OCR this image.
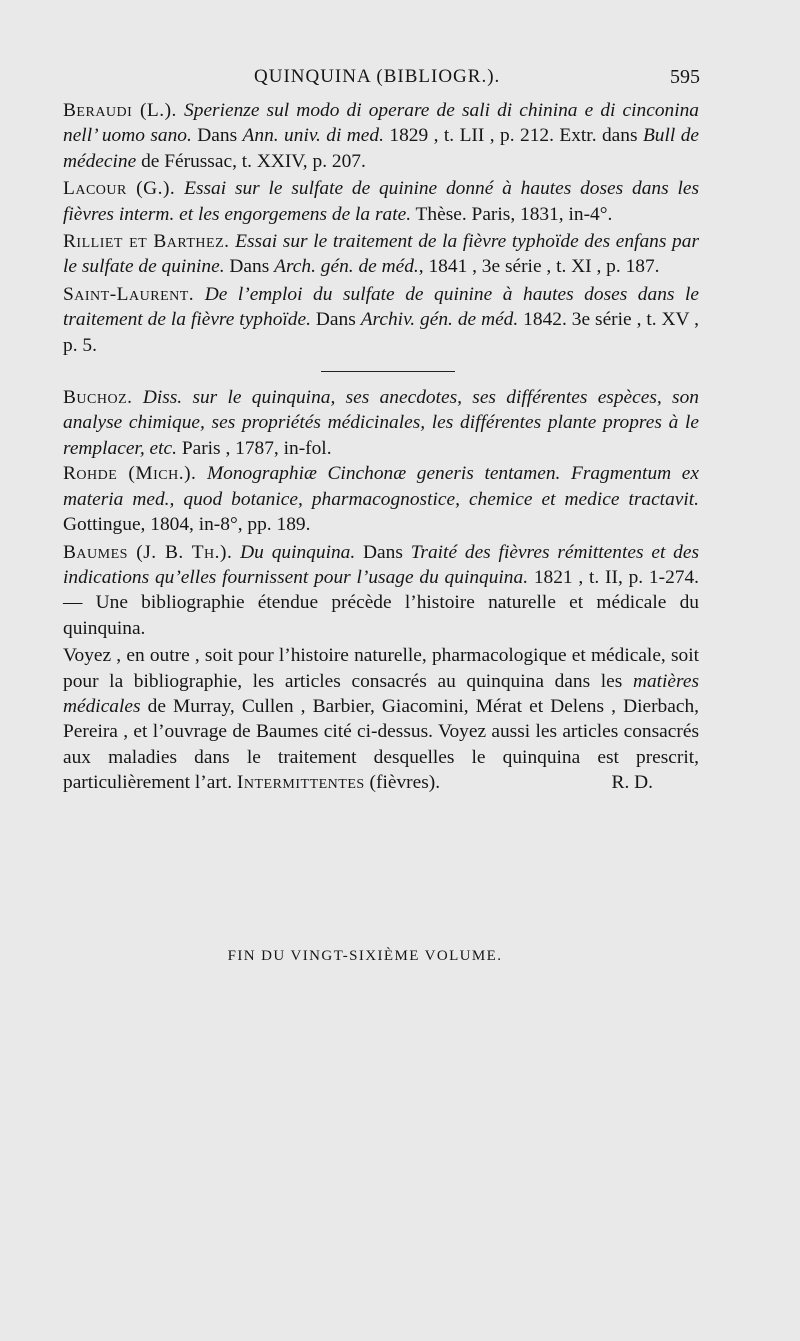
QUINQUINA (BIBLIOGR.).	595

Beraudi (L.). Sperienze sul modo di operare de sali di chinina e di cinconina nell’ uomo sano. Dans Ann. univ. di med. 1829 , t. LII , p. 212. Extr. dans Bull de médecine de Férussac, t. XXIV, p. 207.

Lacour (G.). Essai sur le sulfate de quinine donné à hautes doses dans les fièvres interm. et les engorgemens de la rate. Thèse. Paris, 1831, in-4°.

Rilliet et Barthez. Essai sur le traitement de la fièvre typhoïde des enfans par le sulfate de quinine. Dans Arch. gén. de méd., 1841 , 3e série , t. XI , p. 187.

Saint-Laurent. De l’emploi du sulfate de quinine à hautes doses dans le traitement de la fièvre typhoïde. Dans Archiv. gén. de méd. 1842. 3e série , t. XV , p. 5.

Buchoz. Diss. sur le quinquina, ses anecdotes, ses différentes espèces, son analyse chimique, ses propriétés médicinales, les différentes plante propres à le remplacer, etc. Paris , 1787, in-fol.

Rohde (Mich.). Monographiæ Cinchonæ generis tentamen. Fragmentum ex materia med., quod botanice, pharmacognostice, chemice et medice tractavit. Gottingue, 1804, in-8°, pp. 189.

Baumes (J. B. Th.). Du quinquina. Dans Traité des fièvres rémittentes et des indications qu’elles fournissent pour l’usage du quinquina. 1821 , t. II, p. 1-274. — Une bibliographie étendue précède l’histoire naturelle et médicale du quinquina.

Voyez , en outre , soit pour l’histoire naturelle, pharmacologique et médicale, soit pour la bibliographie, les articles consacrés au quinquina dans les matières médicales de Murray, Cullen , Barbier, Giacomini, Mérat et Delens , Dierbach, Pereira , et l’ouvrage de Baumes cité ci-dessus. Voyez aussi les articles consacrés aux maladies dans le traitement desquelles le quinquina est prescrit, particulièrement l’art. Intermittentes (fièvres).	R. D.

FIN DU VINGT-SIXIÈME VOLUME.
